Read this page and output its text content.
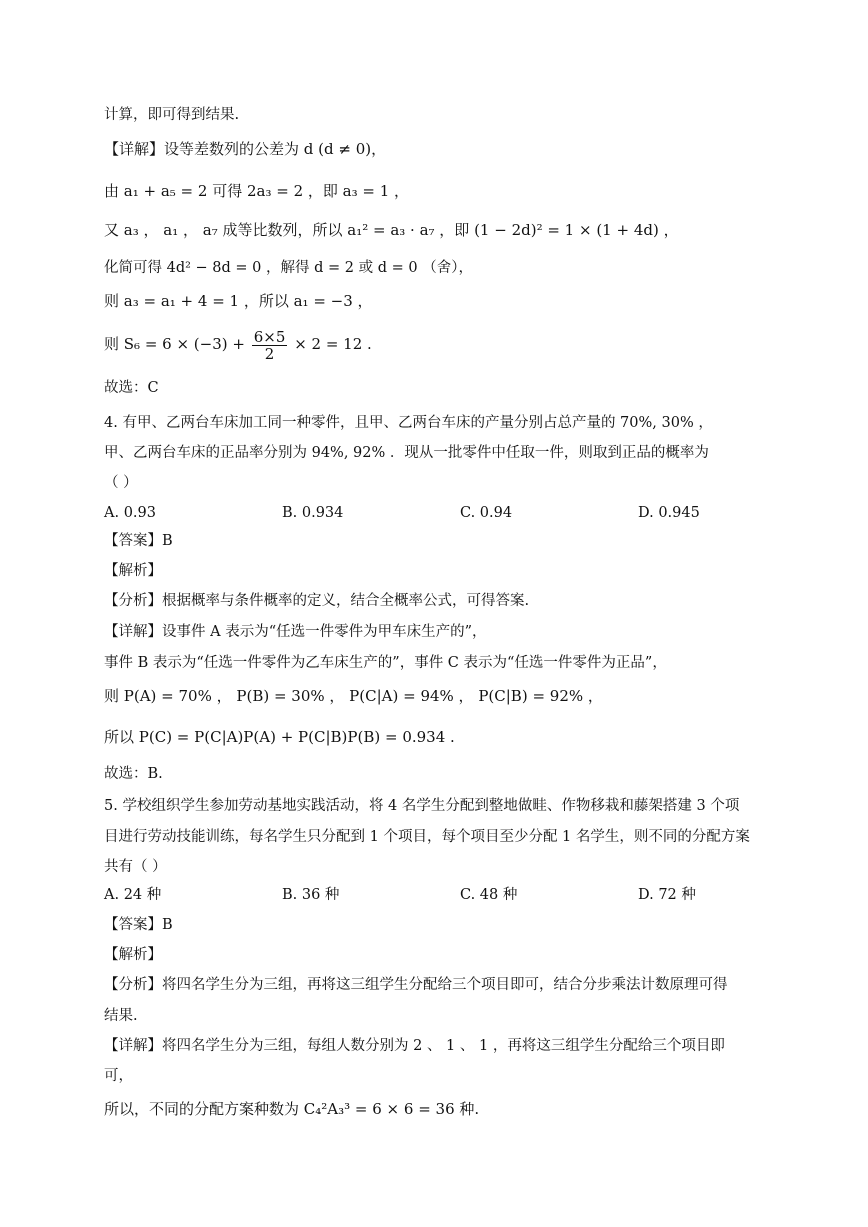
计算，即可得到结果.
【详解】设等差数列的公差为 d (d ≠ 0)，
由 a₁ + a₅ = 2 可得 2a₃ = 2 ，即 a₃ = 1 ，
又 a₃ ， a₁ ， a₇ 成等比数列，所以 a₁² = a₃ · a₇ ，即 (1 − 2d)² = 1 × (1 + 4d) ，
化简可得 4d² − 8d = 0 ，解得 d = 2 或 d = 0 （舍），
则 a₃ = a₁ + 4 = 1 ，所以 a₁ = −3 ，
则 $S_6 = 6 \times (-3) + \frac{6\times 5}{2} \times 2 = 12$ .
故选：C
4. 有甲、乙两台车床加工同一种零件，且甲、乙两台车床的产量分别占总产量的 70%, 30% ，
甲、乙两台车床的正品率分别为 94%, 92% ．现从一批零件中任取一件，则取到正品的概率为
（ ）
A. 0.93	B. 0.934	C. 0.94	D. 0.945
【答案】B
【解析】
【分析】根据概率与条件概率的定义，结合全概率公式，可得答案.
【详解】设事件 A 表示为“任选一件零件为甲车床生产的”，
事件 B 表示为“任选一件零件为乙车床生产的”，事件 C 表示为“任选一件零件为正品”，
则 P(A) = 70% ， P(B) = 30% ， P(C|A) = 94% ， P(C|B) = 92% ，
所以 P(C) = P(C|A)P(A) + P(C|B)P(B) = 0.934 .
故选：B.
5. 学校组织学生参加劳动基地实践活动，将 4 名学生分配到整地做畦、作物移栽和藤架搭建 3 个项
目进行劳动技能训练，每名学生只分配到 1 个项目，每个项目至少分配 1 名学生，则不同的分配方案
共有（ ）
A. 24 种	B. 36 种	C. 48 种	D. 72 种
【答案】B
【解析】
【分析】将四名学生分为三组，再将这三组学生分配给三个项目即可，结合分步乘法计数原理可得
结果.
【详解】将四名学生分为三组，每组人数分别为 2 、 1 、 1 ，再将这三组学生分配给三个项目即
可，
所以，不同的分配方案种数为 C₄²A₃³ = 6 × 6 = 36 种.
